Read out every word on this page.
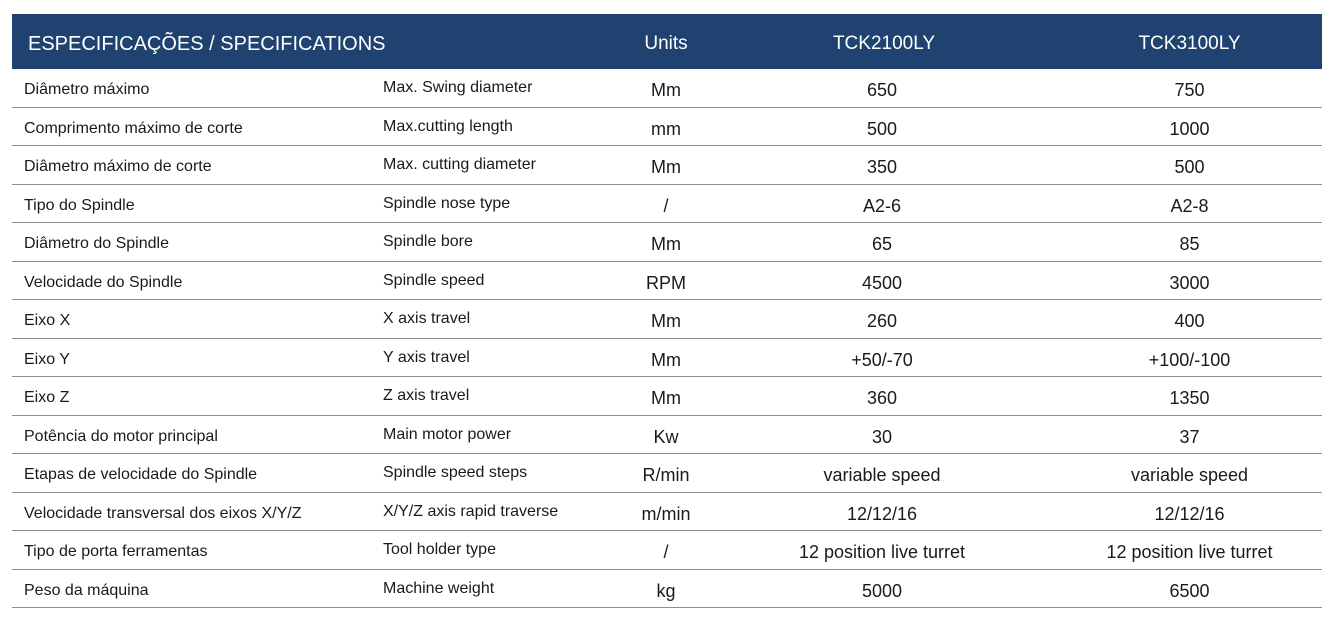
ESPECIFICAÇÕES / SPECIFICATIONS	Units	TCK2100LY	TCK3100LY
Diâmetro máximo	Max. Swing diameter	Mm	650	750
Comprimento máximo de corte	Max.cutting length	mm	500	1000
Diâmetro máximo de corte	Max. cutting diameter	Mm	350	500
Tipo do Spindle	Spindle nose type	/	A2-6	A2-8
Diâmetro do Spindle	Spindle bore	Mm	65	85
Velocidade do Spindle	Spindle speed	RPM	4500	3000
Eixo X	X axis travel	Mm	260	400
Eixo Y	Y axis travel	Mm	+50/-70	+100/-100
Eixo Z	Z axis travel	Mm	360	1350
Potência do motor principal	Main motor power	Kw	30	37
Etapas de velocidade do Spindle	Spindle speed steps	R/min	variable speed	variable speed
Velocidade transversal dos eixos X/Y/Z	X/Y/Z axis rapid traverse	m/min	12/12/16	12/12/16
Tipo de porta ferramentas	Tool holder type	/	12 position live turret	12 position live turret
Peso da máquina	Machine weight	kg	5000	6500
